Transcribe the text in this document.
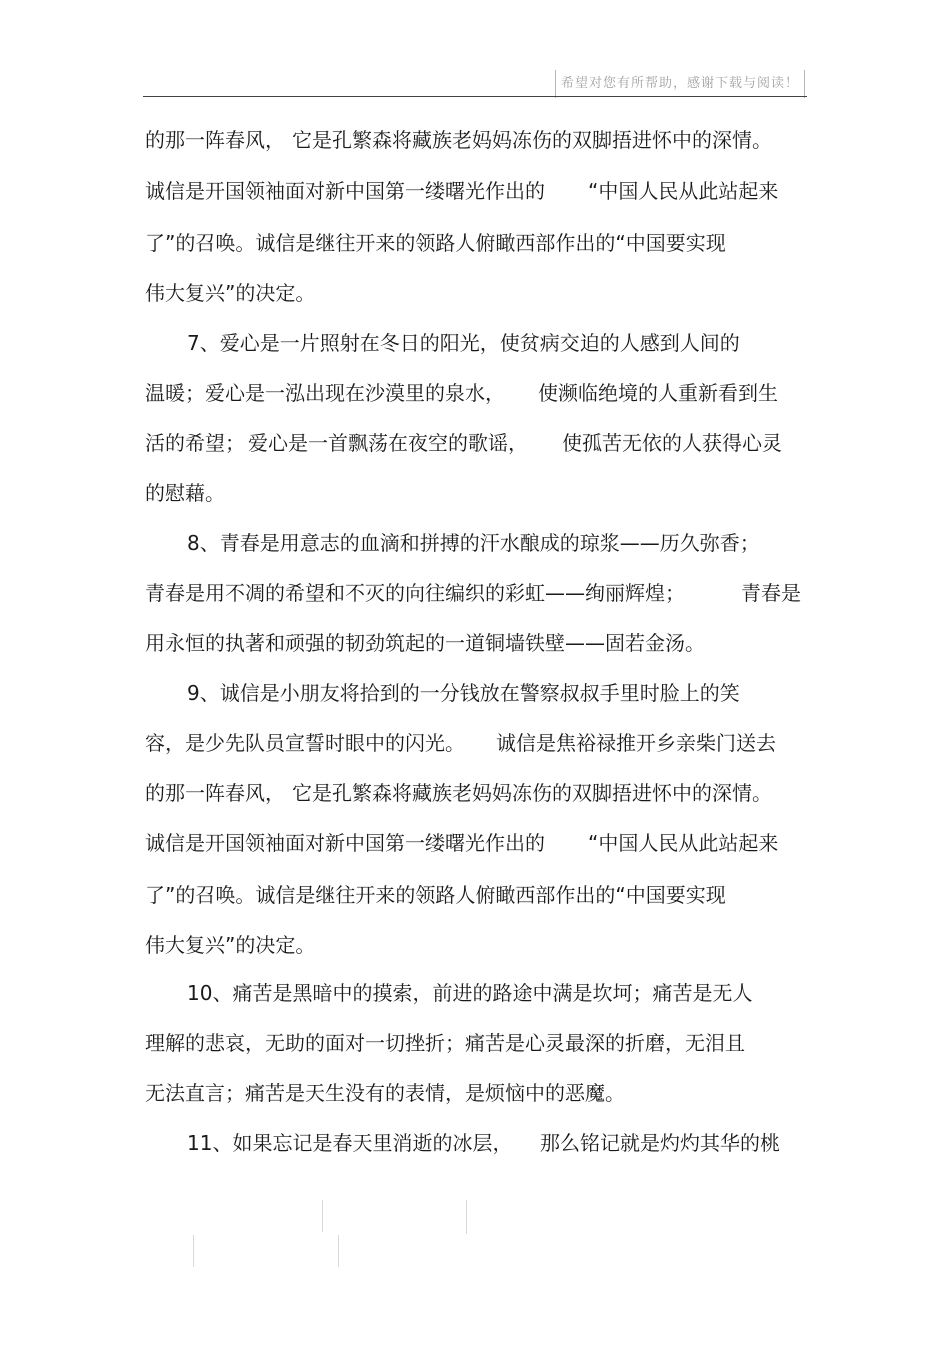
希望对您有所帮助，感谢下载与阅读！
的那一阵春风， 它是孔繁森将藏族老妈妈冻伤的双脚捂进怀中的深情。
诚信是开国领袖面对新中国第一缕曙光作出的 “中国人民从此站起来
了”的召唤。诚信是继往开来的领路人俯瞰西部作出的“中国要实现
伟大复兴”的决定。
7、爱心是一片照射在冬日的阳光，使贫病交迫的人感到人间的
温暖；爱心是一泓出现在沙漠里的泉水， 使濒临绝境的人重新看到生
活的希望； 爱心是一首飘荡在夜空的歌谣， 使孤苦无依的人获得心灵
的慰藉。
8、青春是用意志的血滴和拼搏的汗水酿成的琼浆——历久弥香；
青春是用不凋的希望和不灭的向往编织的彩虹——绚丽辉煌；	青春是
用永恒的执著和顽强的韧劲筑起的一道铜墙铁壁——固若金汤。
9、诚信是小朋友将拾到的一分钱放在警察叔叔手里时脸上的笑
容，是少先队员宣誓时眼中的闪光。 诚信是焦裕禄推开乡亲柴门送去
的那一阵春风， 它是孔繁森将藏族老妈妈冻伤的双脚捂进怀中的深情。
诚信是开国领袖面对新中国第一缕曙光作出的 “中国人民从此站起来
了”的召唤。诚信是继往开来的领路人俯瞰西部作出的“中国要实现
伟大复兴”的决定。
10、痛苦是黑暗中的摸索，前进的路途中满是坎坷；痛苦是无人
理解的悲哀，无助的面对一切挫折；痛苦是心灵最深的折磨，无泪且
无法直言；痛苦是天生没有的表情，是烦恼中的恶魔。
11、如果忘记是春天里消逝的冰层， 那么铭记就是灼灼其华的桃
